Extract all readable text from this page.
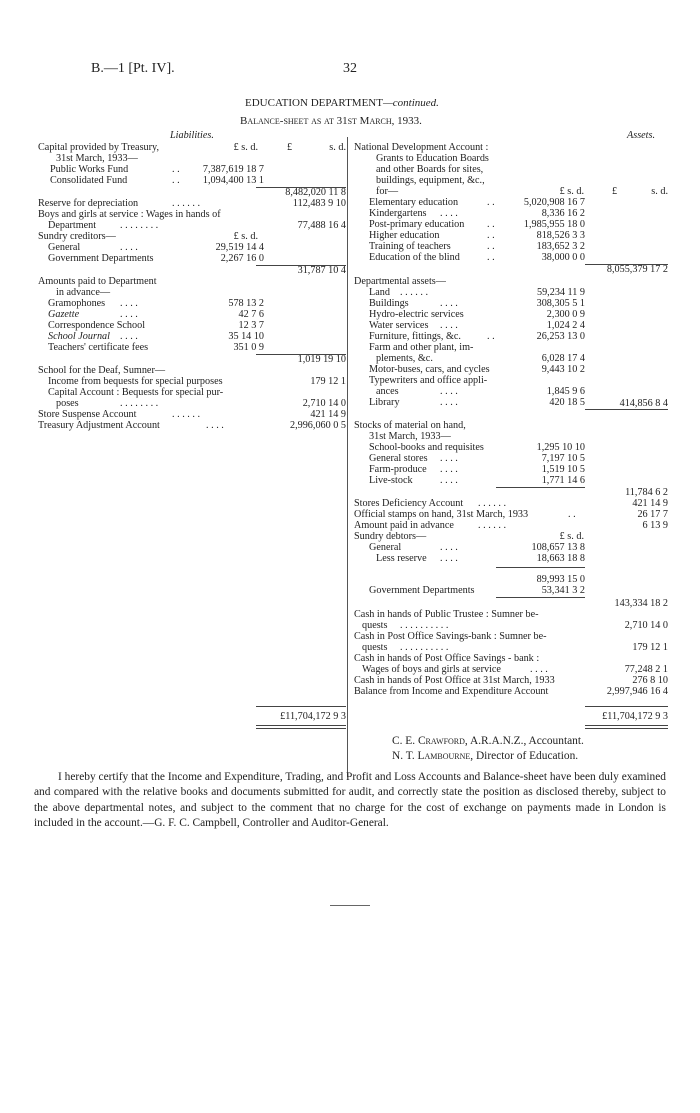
B.—1 [Pt. IV].	32
EDUCATION DEPARTMENT—continued.
Balance-sheet as at 31st March, 1933.
Liabilities.
£ s. d.	£	s. d.
Capital provided by Treasury,
31st March, 1933—
Public Works Fund	. .	7,387,619 18 7
Consolidated Fund	. .	1,094,400 13 1
8,482,020 11 8
Reserve for depreciation	. . . . . .	112,483 9 10
Boys and girls at service : Wages in hands of
Department . . . . . . . .	77,488 16 4
Sundry creditors—	£ s. d.
General	. . . .	29,519 14 4
Government Departments	2,267 16 0
31,787 10 4
Amounts paid to Department
in advance—
Gramophones . . . .	578 13 2
Gazette	. . . .	42 7 6
Correspondence School	12 3 7
School Journal . . . .	35 14 10
Teachers' certificate fees	351 0 9
1,019 19 10
School for the Deaf, Sumner—
Income from bequests for special purposes	179 12 1
Capital Account : Bequests for special pur-
poses	. . . . . . . .	2,710 14 0
Store Suspense Account	. . . . . .	421 14 9
Treasury Adjustment Account	. . . .	2,996,060 0 5
£11,704,172 9 3
Assets.
National Development Account :
Grants to Education Boards
and other Boards for sites,
buildings, equipment, &c.,
for—	£ s. d.	£	s. d.
Elementary education	. .	5,020,908 16 7
Kindergartens . . . .	8,336 16 2
Post-primary education . .	1,985,955 18 0
Higher education	. .	818,526 3 3
Training of teachers	. .	183,652 3 2
Education of the blind	. .	38,000 0 0
8,055,379 17 2
Departmental assets—
Land . . . . . .	59,234 11 9
Buildings	. . . .	308,305 5 1
Hydro-electric services	2,300 0 9
Water services . . . .	1,024 2 4
Furniture, fittings, &c.	. .	26,253 13 0
Farm and other plant, im-
plements, &c.	6,028 17 4
Motor-buses, cars, and cycles	9,443 10 2
Typewriters and office appli-
ances	. . . .	1,845 9 6
Library	. . . .	420 18 5	414,856 8 4
Stocks of material on hand,
31st March, 1933—
School-books and requisites	1,295 10 10
General stores . . . .	7,197 10 5
Farm-produce . . . .	1,519 10 5
Live-stock	. . . .	1,771 14 6
11,784 6 2
Stores Deficiency Account . . . . . .	421 14 9
Official stamps on hand, 31st March, 1933	. .	26 17 7
Amount paid in advance . . . . . .	6 13 9
Sundry debtors—	£ s. d.
General	. . . .	108,657 13 8
Less reserve . . . .	18,663 18 8
89,993 15 0
Government Departments	53,341 3 2
143,334 18 2
Cash in hands of Public Trustee : Sumner be-
quests . . . . . . . . . .	2,710 14 0
Cash in Post Office Savings-bank : Sumner be-
quests . . . . . . . . . .	179 12 1
Cash in hands of Post Office Savings - bank :
Wages of boys and girls at service	. . . .	77,248 2 1
Cash in hands of Post Office at 31st March, 1933	276 8 10
Balance from Income and Expenditure Account	2,997,946 16 4
£11,704,172 9 3
C. E. Crawford, A.R.A.N.Z., Accountant.
N. T. Lambourne, Director of Education.
I hereby certify that the Income and Expenditure, Trading, and Profit and Loss Accounts and Balance-sheet have been duly examined and compared with the relative books and documents submitted for audit, and correctly state the position as disclosed thereby, subject to the above departmental notes, and subject to the comment that no charge for the cost of exchange on payments made in London is included in the account.—G. F. C. Campbell, Controller and Auditor-General.
